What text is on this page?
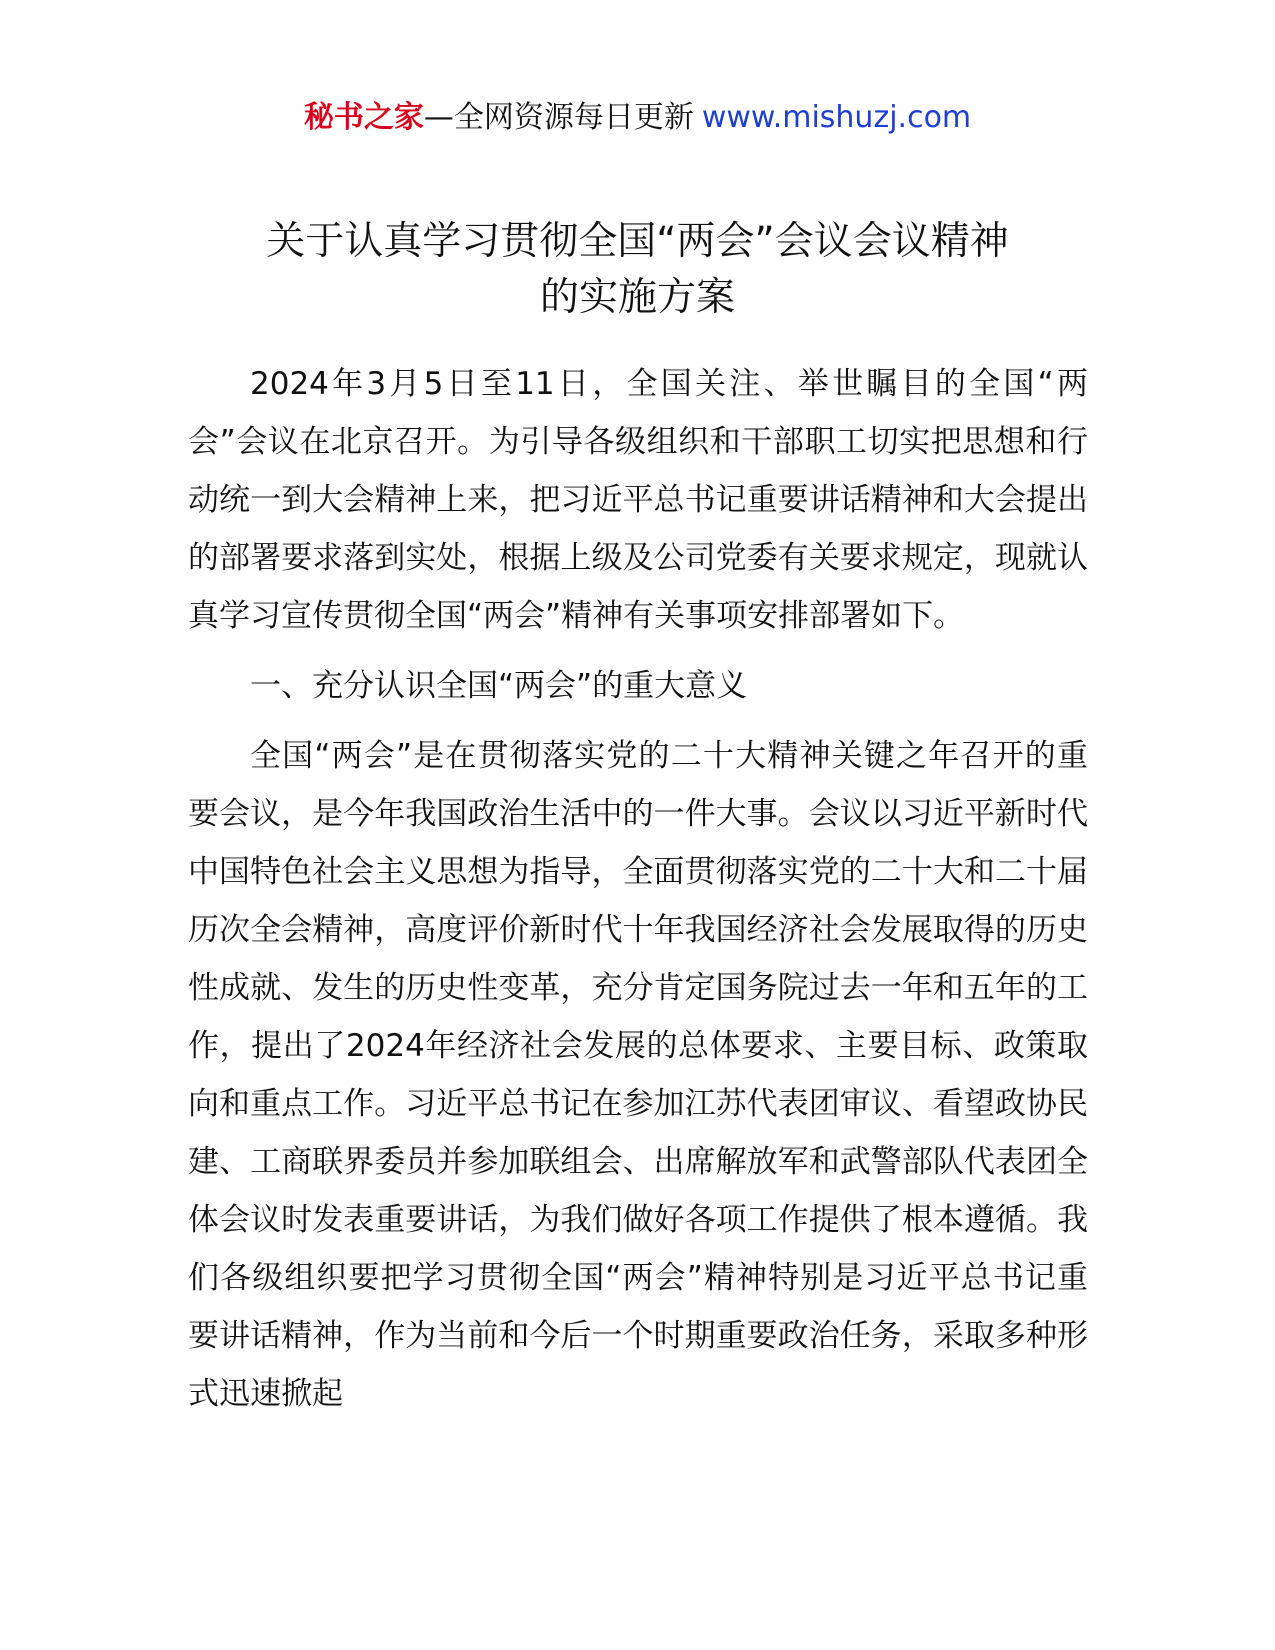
秘书之家—全网资源每日更新 www.mishuzj.com
关于认真学习贯彻全国“两会”会议会议精神
的实施方案

2024年3月5日至11日，全国关注、举世瞩目的全国“两会”会议在北京召开。为引导各级组织和干部职工切实把思想和行动统一到大会精神上来，把习近平总书记重要讲话精神和大会提出的部署要求落到实处，根据上级及公司党委有关要求规定，现就认真学习宣传贯彻全国“两会”精神有关事项安排部署如下。

一、充分认识全国“两会”的重大意义

全国“两会”是在贯彻落实党的二十大精神关键之年召开的重要会议，是今年我国政治生活中的一件大事。会议以习近平新时代中国特色社会主义思想为指导，全面贯彻落实党的二十大和二十届历次全会精神，高度评价新时代十年我国经济社会发展取得的历史性成就、发生的历史性变革，充分肯定国务院过去一年和五年的工作，提出了2024年经济社会发展的总体要求、主要目标、政策取向和重点工作。习近平总书记在参加江苏代表团审议、看望政协民建、工商联界委员并参加联组会、出席解放军和武警部队代表团全体会议时发表重要讲话，为我们做好各项工作提供了根本遵循。我们各级组织要把学习贯彻全国“两会”精神特别是习近平总书记重要讲话精神，作为当前和今后一个时期重要政治任务，采取多种形式迅速掀起
